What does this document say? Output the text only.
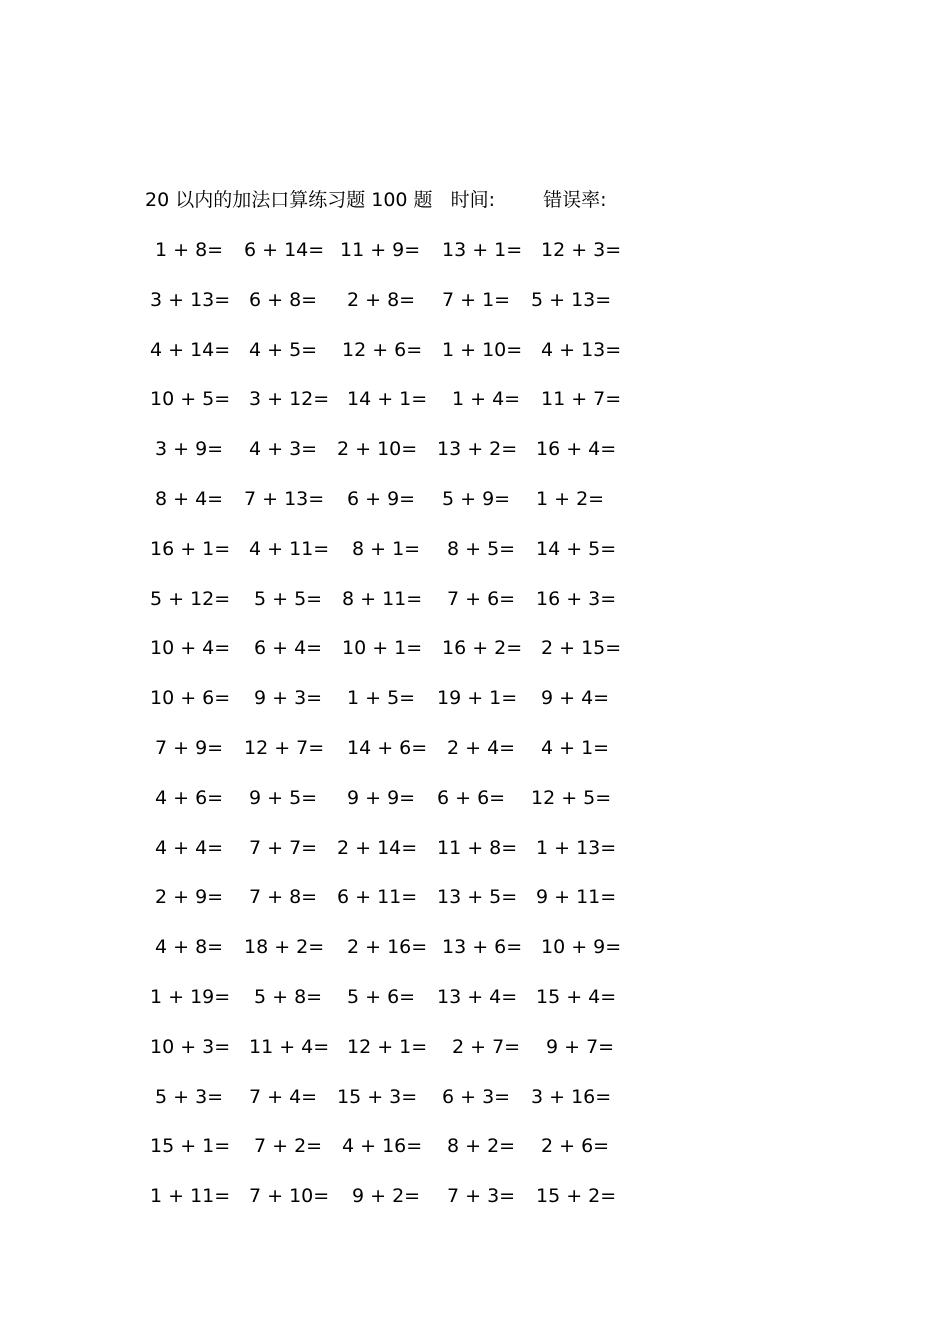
20 以内的加法口算练习题 100 题 时间:	错误率:
1 + 8= 6 + 14= 11 + 9= 13 + 1= 12 + 3=
3 + 13= 6 + 8= 2 + 8= 7 + 1= 5 + 13=
4 + 14= 4 + 5= 12 + 6= 1 + 10= 4 + 13=
10 + 5= 3 + 12= 14 + 1= 1 + 4= 11 + 7=
3 + 9= 4 + 3= 2 + 10= 13 + 2= 16 + 4=
8 + 4= 7 + 13= 6 + 9= 5 + 9= 1 + 2=
16 + 1= 4 + 11= 8 + 1= 8 + 5= 14 + 5=
5 + 12= 5 + 5= 8 + 11= 7 + 6= 16 + 3=
10 + 4= 6 + 4= 10 + 1= 16 + 2= 2 + 15=
10 + 6= 9 + 3= 1 + 5= 19 + 1= 9 + 4=
7 + 9= 12 + 7= 14 + 6= 2 + 4= 4 + 1=
4 + 6= 9 + 5= 9 + 9= 6 + 6= 12 + 5=
4 + 4= 7 + 7= 2 + 14= 11 + 8= 1 + 13=
2 + 9= 7 + 8= 6 + 11= 13 + 5= 9 + 11=
4 + 8= 18 + 2= 2 + 16= 13 + 6= 10 + 9=
1 + 19= 5 + 8= 5 + 6= 13 + 4= 15 + 4=
10 + 3= 11 + 4= 12 + 1= 2 + 7= 9 + 7=
5 + 3= 7 + 4= 15 + 3= 6 + 3= 3 + 16=
15 + 1= 7 + 2= 4 + 16= 8 + 2= 2 + 6=
1 + 11= 7 + 10= 9 + 2= 7 + 3= 15 + 2=
